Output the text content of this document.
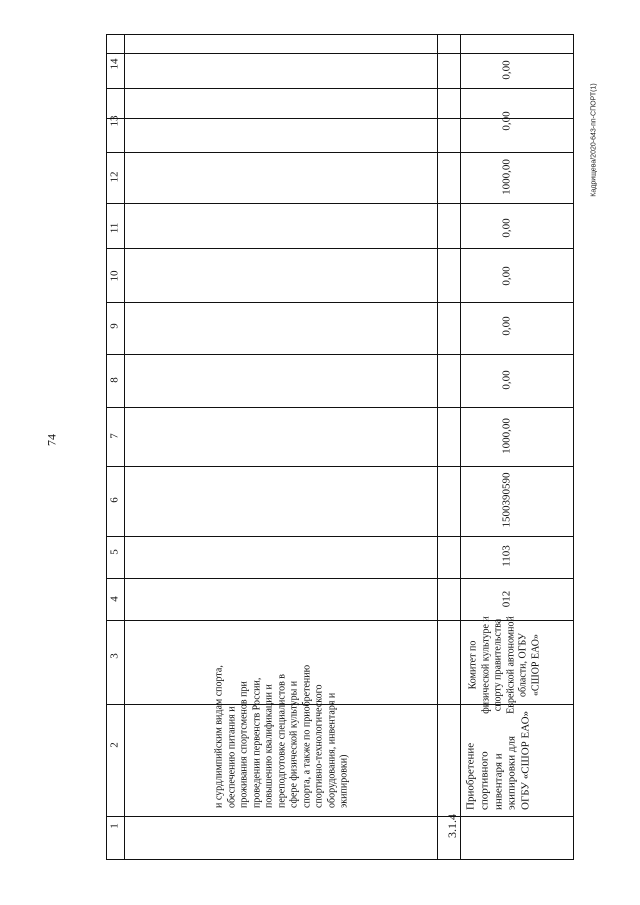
74
Кадрищева/2020-643-пп-СПОРТ(1)
1
2
3
4
5
6
7
8
9
10
11
12
13
14
и сурдлимпийским видам спорта, обеспечению питания и проживания спортсменов при проведении первенств России, повышению квалификации и переподготовке специалистов в сфере физической культуры и спорта, а также по приобретению спортивно-технологического оборудования, инвентаря и экипировки)
3.1.4
Приобретение спортивного инвентаря и экипировки для ОГБУ «СШОР ЕАО»
Комитет по физической культуре и спорту правительства Еврейской автономной области, ОГБУ «СШОР ЕАО»
012
1103
1500390590
1000,00
0,00
0,00
0,00
0,00
1000,00
0,00
0,00
